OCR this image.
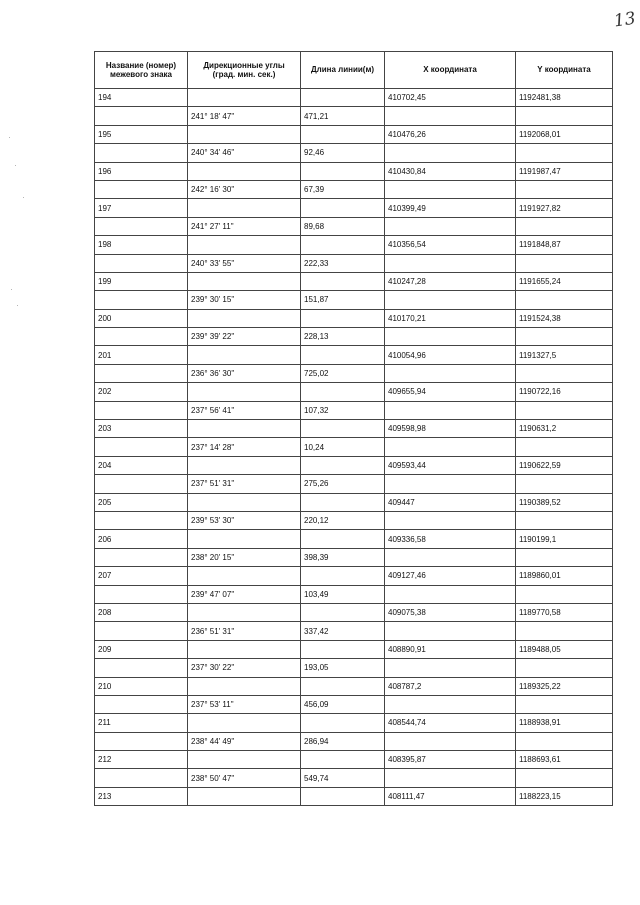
13
·
·
·
·
·
Название (номер) межевого знака	Дирекционные углы (град. мин. сек.)	Длина линии(м)	X координата	Y координата
194			410702,45	1192481,38
	241° 18' 47"	471,21		
195			410476,26	1192068,01
	240° 34' 46"	92,46		
196			410430,84	1191987,47
	242° 16' 30"	67,39		
197			410399,49	1191927,82
	241° 27' 11"	89,68		
198			410356,54	1191848,87
	240° 33' 55"	222,33		
199			410247,28	1191655,24
	239° 30' 15"	151,87		
200			410170,21	1191524,38
	239° 39' 22"	228,13		
201			410054,96	1191327,5
	236° 36' 30"	725,02		
202			409655,94	1190722,16
	237° 56' 41"	107,32		
203			409598,98	1190631,2
	237° 14' 28"	10,24		
204			409593,44	1190622,59
	237° 51' 31"	275,26		
205			409447	1190389,52
	239° 53' 30"	220,12		
206			409336,58	1190199,1
	238° 20' 15"	398,39		
207			409127,46	1189860,01
	239° 47' 07"	103,49		
208			409075,38	1189770,58
	236° 51' 31"	337,42		
209			408890,91	1189488,05
	237° 30' 22"	193,05		
210			408787,2	1189325,22
	237° 53' 11"	456,09		
211			408544,74	1188938,91
	238° 44' 49"	286,94		
212			408395,87	1188693,61
	238° 50' 47"	549,74		
213			408111,47	1188223,15
